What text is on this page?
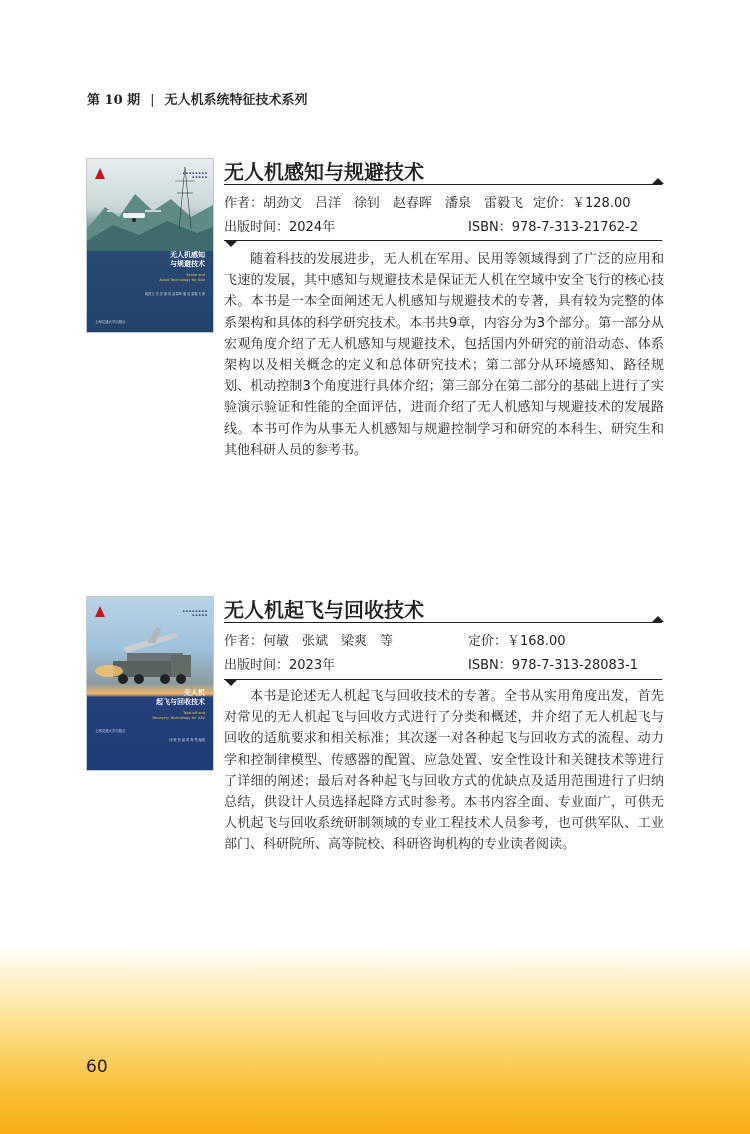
第 10 期 | 无人机系统特征技术系列
▪ ▪ ▪ ▪ ▪ ▪ ▪ ▪
▪ ▪ ▪ ▪ ▪
无人机感知
与规避技术
Sense and
Avoid Technology for UAV
胡劲文 吕 洋 徐 钊 赵春晖 潘 泉 雷毅飞 著
上海交通大学出版社
无人机感知与规避技术
作者：胡劲文　吕洋　徐钊　赵春晖　潘泉　雷毅飞 定价：￥128.00
出版时间：2024年	ISBN：978-7-313-21762-2

随着科技的发展进步，无人机在军用、民用等领域得到了广泛的应用和飞速的发展，其中感知与规避技术是保证无人机在空域中安全飞行的核心技术。本书是一本全面阐述无人机感知与规避技术的专著，具有较为完整的体系架构和具体的科学研究技术。本书共9章，内容分为3个部分。第一部分从宏观角度介绍了无人机感知与规避技术，包括国内外研究的前沿动态、体系架构以及相关概念的定义和总体研究技术；第二部分从环境感知、路径规划、机动控制3个角度进行具体介绍；第三部分在第二部分的基础上进行了实验演示验证和性能的全面评估，进而介绍了无人机感知与规避技术的发展路线。本书可作为从事无人机感知与规避控制学习和研究的本科生、研究生和其他科研人员的参考书。

▪ ▪ ▪ ▪ ▪ ▪ ▪ ▪
▪ ▪ ▪ ▪ ▪
无人机
起飞与回收技术
Take-off and
Recovery Technology for UAV
何 敏 张 斌 梁 爽 等 编著
上海交通大学出版社
无人机起飞与回收技术
作者：何敏　张斌　梁爽　等	定价：￥168.00
出版时间：2023年	ISBN：978-7-313-28083-1

本书是论述无人机起飞与回收技术的专著。全书从实用角度出发，首先对常见的无人机起飞与回收方式进行了分类和概述，并介绍了无人机起飞与回收的适航要求和相关标准；其次逐一对各种起飞与回收方式的流程、动力学和控制律模型、传感器的配置、应急处置、安全性设计和关键技术等进行了详细的阐述；最后对各种起飞与回收方式的优缺点及适用范围进行了归纳总结，供设计人员选择起降方式时参考。本书内容全面、专业面广，可供无人机起飞与回收系统研制领域的专业工程技术人员参考，也可供军队、工业部门、科研院所、高等院校、科研咨询机构的专业读者阅读。

60
